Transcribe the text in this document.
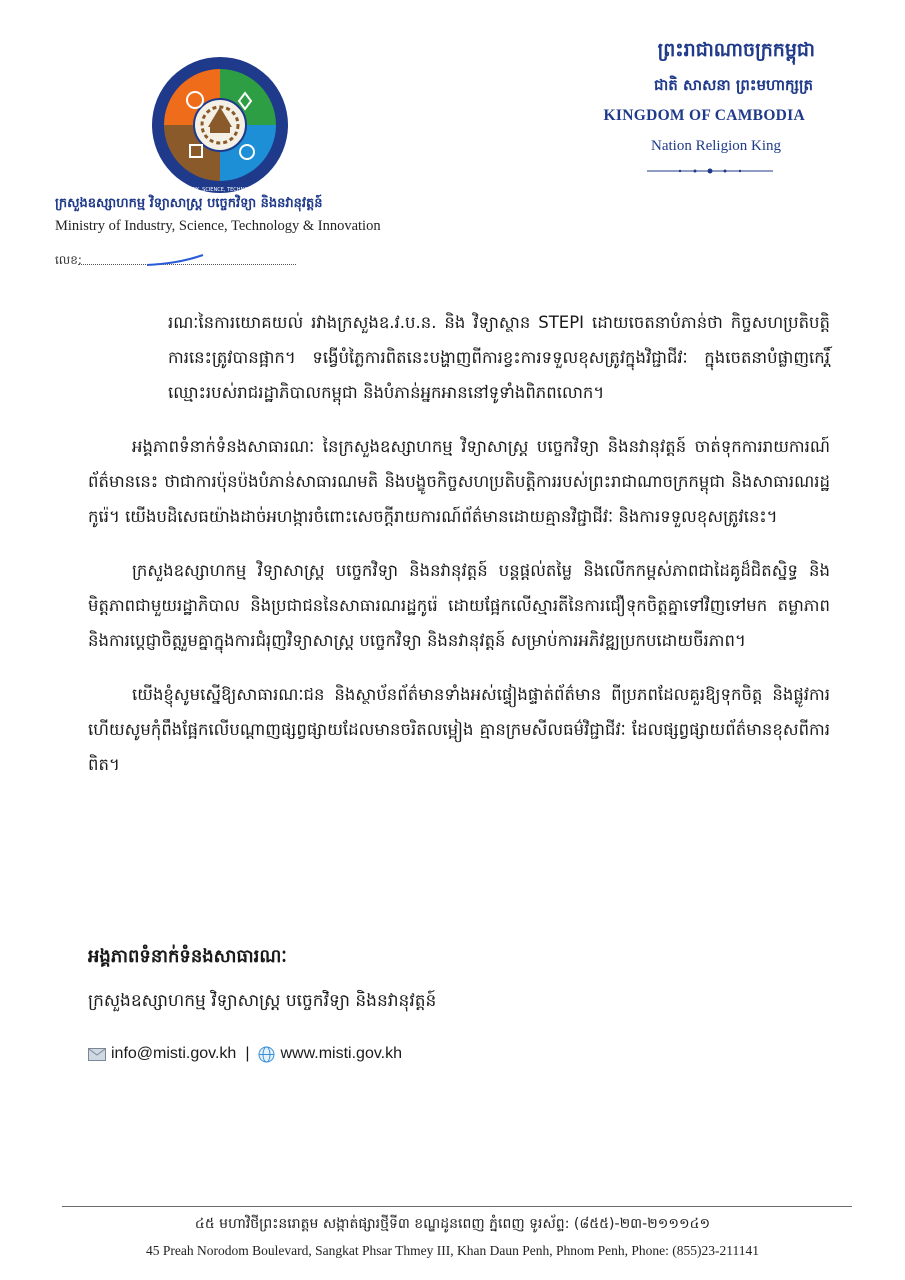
MINISTRY OF INDUSTRY, SCIENCE, TECHNOLOGY & INNOVATION
ក្រសួងឧស្សាហកម្ម វិទ្យាសាស្ត្រ បច្ចេកវិទ្យា និងនវានុវត្តន៍
Ministry of Industry, Science, Technology & Innovation
លេខ:
ព្រះរាជាណាចក្រកម្ពុជា
ជាតិ សាសនា ព្រះមហាក្សត្រ
KINGDOM OF CAMBODIA
Nation Religion King

រណៈនៃការយោគយល់ រវាងក្រសួងឧ.វ.ប.ន. និង វិទ្យាស្ថាន STEPI ដោយចេតនាបំភាន់ថា កិច្ចសហប្រតិបត្តិការនេះត្រូវបានផ្អាក។ ទង្វើបំភ្លៃការពិតនេះបង្ហាញពីការខ្វះការទទួលខុសត្រូវក្នុងវិជ្ជាជីវៈ ក្នុងចេតនាបំផ្លាញកេរ្តិ៍ឈ្មោះរបស់រាជរដ្ឋាភិបាលកម្ពុជា និងបំភាន់អ្នកអាននៅទូទាំងពិភពលោក។

អង្គភាពទំនាក់ទំនងសាធារណៈ នៃក្រសួងឧស្សាហកម្ម វិទ្យាសាស្ត្រ បច្ចេកវិទ្យា និងនវានុវត្តន៍ ចាត់ទុកការរាយការណ៍ព័ត៌មាននេះ ថាជាការប៉ុនប៉ងបំភាន់សាធារណមតិ និងបង្ខូចកិច្ចសហប្រតិបត្តិការរបស់ព្រះរាជាណាចក្រកម្ពុជា និងសាធារណរដ្ឋកូរ៉េ។ យើងបដិសេធយ៉ាងដាច់អហង្ការចំពោះសេចក្តីរាយការណ៍ព័ត៌មានដោយគ្មានវិជ្ជាជីវៈ និងការទទួលខុសត្រូវនេះ។

ក្រសួងឧស្សាហកម្ម វិទ្យាសាស្ត្រ បច្ចេកវិទ្យា និងនវានុវត្តន៍ បន្តផ្តល់តម្លៃ និងលើកកម្ពស់ភាពជាដៃគូដ៏ជិតស្និទ្ធ និងមិត្តភាពជាមួយរដ្ឋាភិបាល និងប្រជាជននៃសាធារណរដ្ឋកូរ៉េ ដោយផ្អែកលើស្មារតីនៃការជឿទុកចិត្តគ្នាទៅវិញទៅមក តម្លាភាព និងការប្តេជ្ញាចិត្តរួមគ្នាក្នុងការជំរុញវិទ្យាសាស្ត្រ បច្ចេកវិទ្យា និងនវានុវត្តន៍ សម្រាប់ការអភិវឌ្ឍប្រកបដោយចីរភាព។

យើងខ្ញុំសូមស្នើឱ្យសាធារណៈជន និងស្ថាប័នព័ត៌មានទាំងអស់ផ្ទៀងផ្ទាត់ព័ត៌មាន ពីប្រភពដែលគួរឱ្យទុកចិត្ត និងផ្លូវការ ហើយសូមកុំពឹងផ្អែកលើបណ្តាញផ្សព្វផ្សាយដែលមានចរិតលម្អៀង គ្មានក្រមសីលធម៌វិជ្ជាជីវៈ ដែលផ្សព្វផ្សាយព័ត៌មានខុសពីការពិត។

អង្គភាពទំនាក់ទំនងសាធារណៈ
ក្រសួងឧស្សាហកម្ម វិទ្យាសាស្ត្រ បច្ចេកវិទ្យា និងនវានុវត្តន៍
info@misti.gov.kh | www.misti.gov.kh
៤៥ មហាវិថីព្រះនរោត្តម សង្កាត់ផ្សារថ្មីទី៣ ខណ្ឌដូនពេញ ភ្នំពេញ ទូរស័ព្ទ: (៨៥៥)-២៣-២១១១៤១
45 Preah Norodom Boulevard, Sangkat Phsar Thmey III, Khan Daun Penh, Phnom Penh, Phone: (855)23-211141
